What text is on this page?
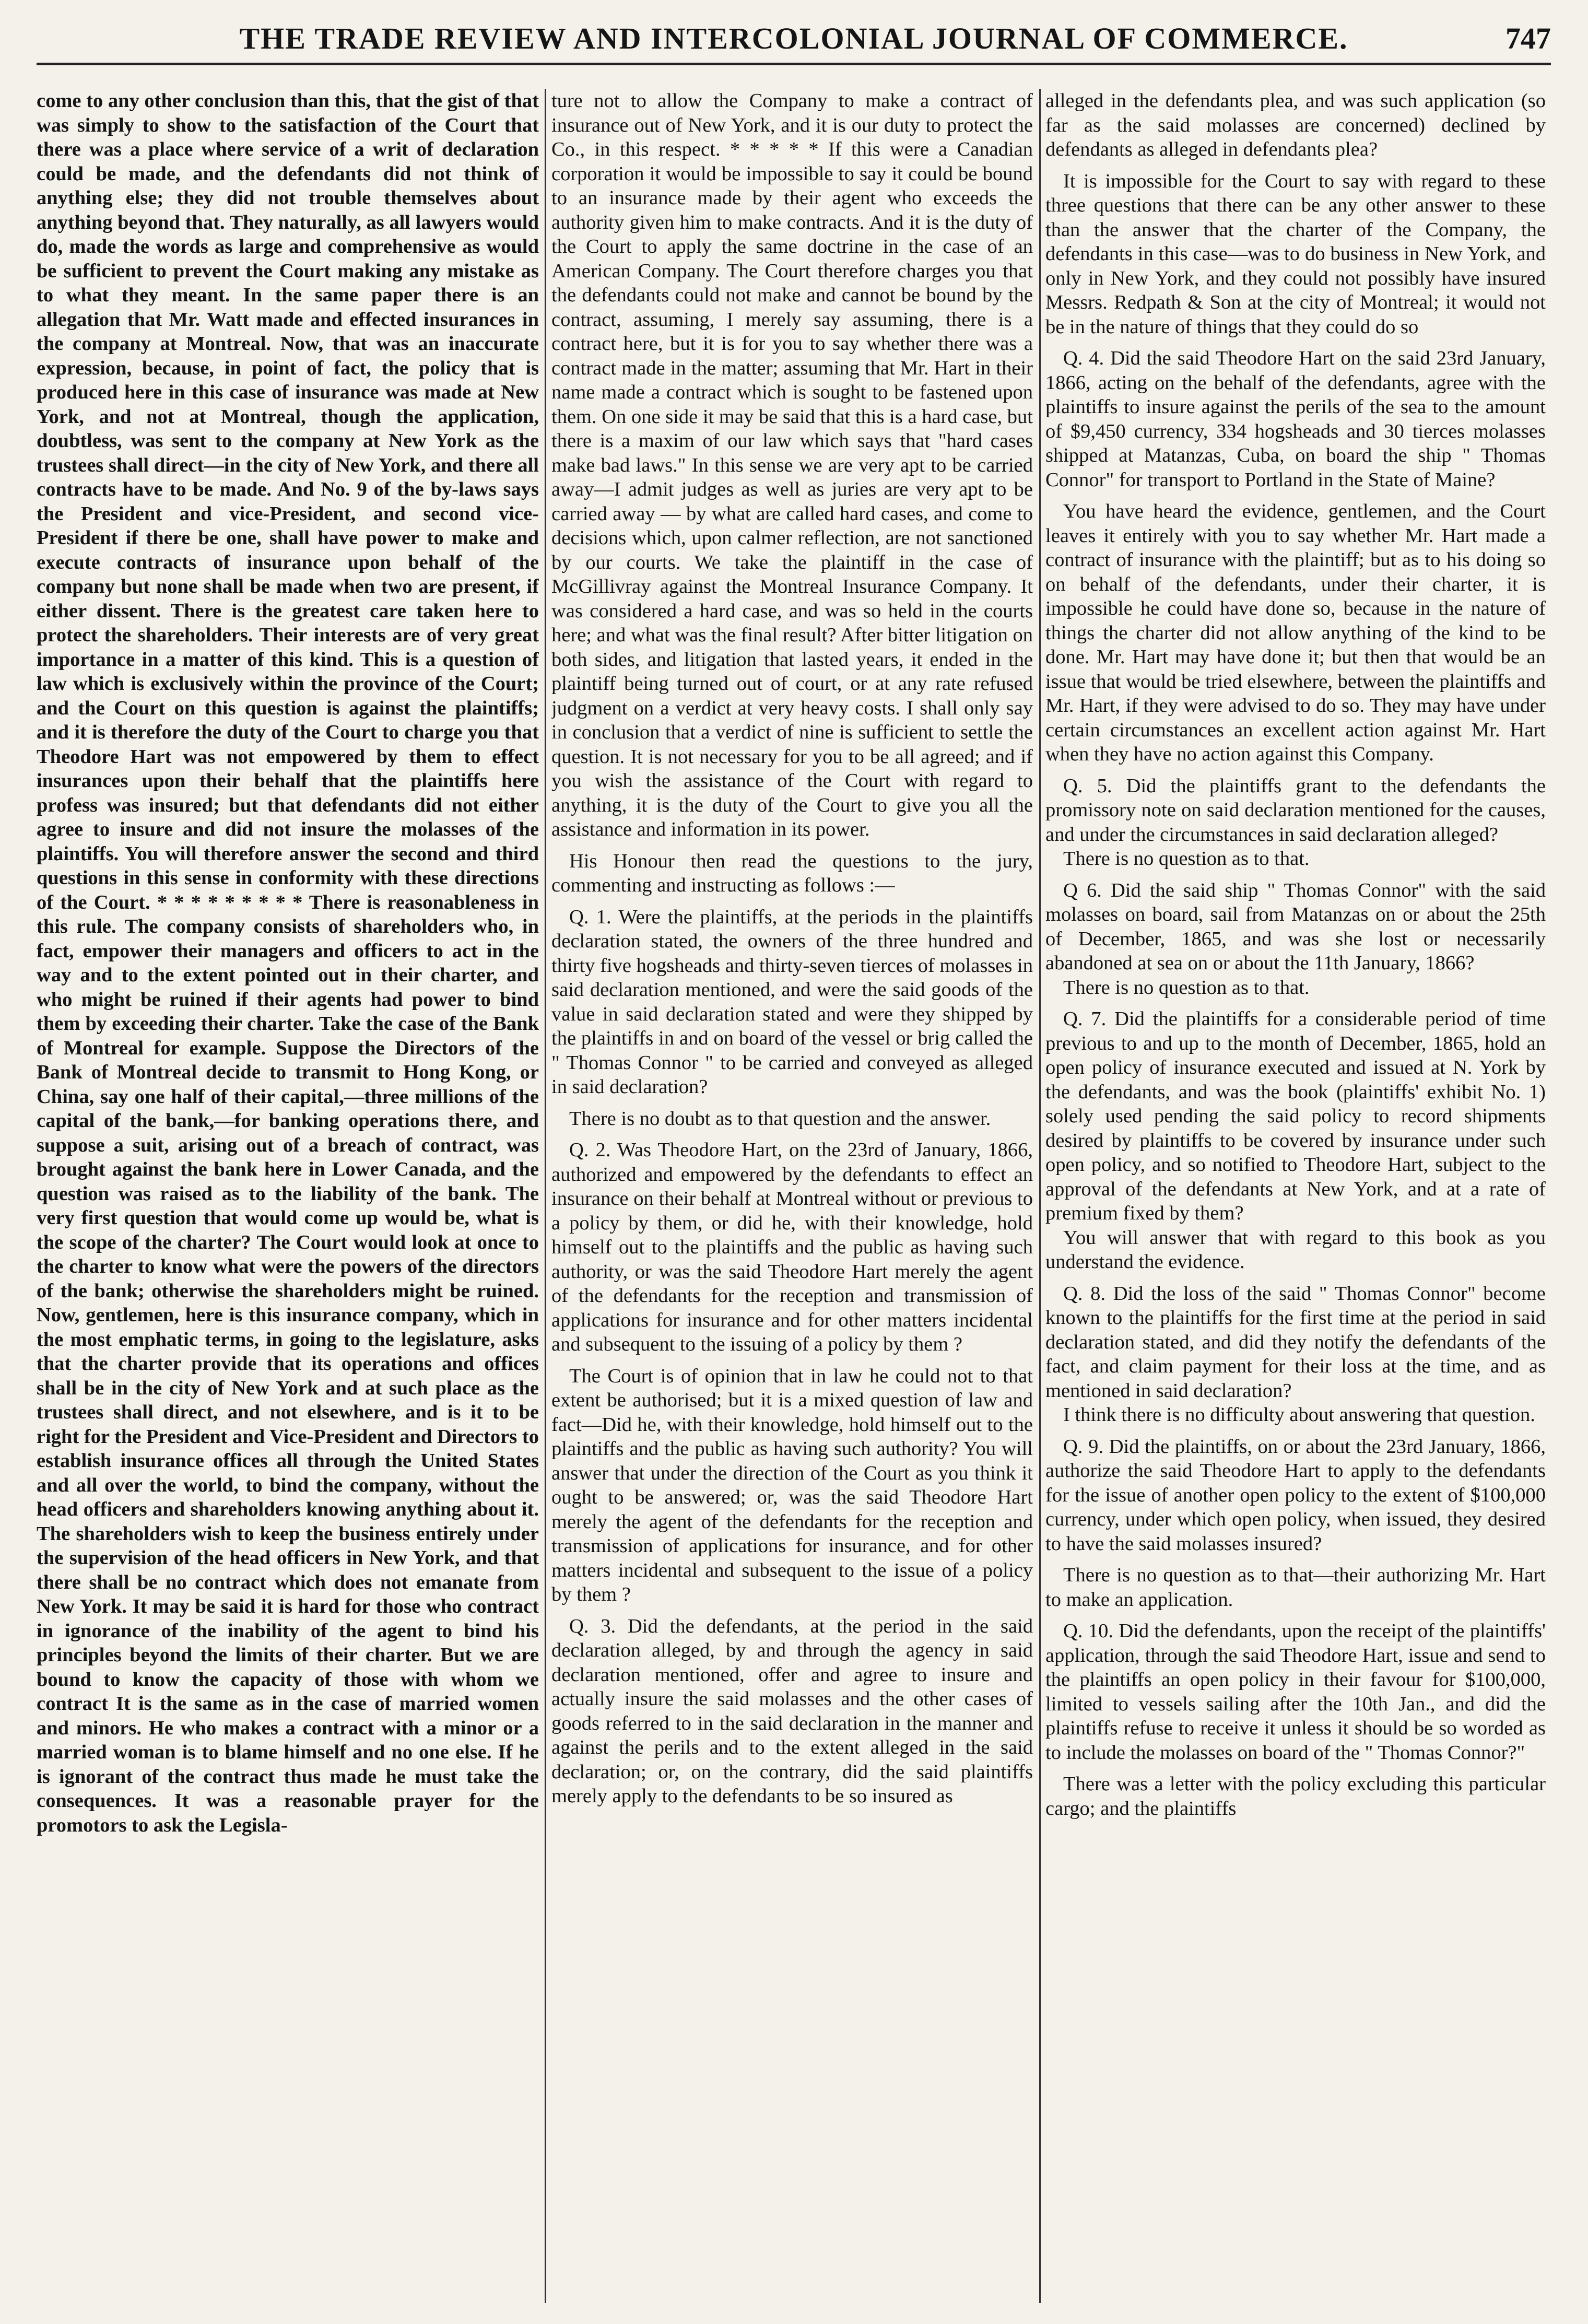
THE TRADE REVIEW AND INTERCOLONIAL JOURNAL OF COMMERCE.	747

come to any other conclusion than this, that the gist of that was simply to show to the satisfaction of the Court that there was a place where service of a writ of declaration could be made, and the defendants did not think of anything else; they did not trouble themselves about anything beyond that. They naturally, as all lawyers would do, made the words as large and comprehensive as would be sufficient to prevent the Court making any mistake as to what they meant. In the same paper there is an allegation that Mr. Watt made and effected insurances in the company at Montreal. Now, that was an inaccurate expression, because, in point of fact, the policy that is produced here in this case of insurance was made at New York, and not at Montreal, though the application, doubtless, was sent to the company at New York as the trustees shall direct—in the city of New York, and there all contracts have to be made. And No. 9 of the by-laws says the President and vice-President, and second vice-President if there be one, shall have power to make and execute contracts of insurance upon behalf of the company but none shall be made when two are present, if either dissent. There is the greatest care taken here to protect the shareholders. Their interests are of very great importance in a matter of this kind. This is a question of law which is exclusively within the province of the Court; and the Court on this question is against the plaintiffs; and it is therefore the duty of the Court to charge you that Theodore Hart was not empowered by them to effect insurances upon their behalf that the plaintiffs here profess was insured; but that defendants did not either agree to insure and did not insure the molasses of the plaintiffs. You will therefore answer the second and third questions in this sense in conformity with these directions of the Court. * * * * * * * * * There is reasonableness in this rule. The company consists of shareholders who, in fact, empower their managers and officers to act in the way and to the extent pointed out in their charter, and who might be ruined if their agents had power to bind them by exceeding their charter. Take the case of the Bank of Montreal for example. Suppose the Directors of the Bank of Montreal decide to transmit to Hong Kong, or China, say one half of their capital,—three millions of the capital of the bank,—for banking operations there, and suppose a suit, arising out of a breach of contract, was brought against the bank here in Lower Canada, and the question was raised as to the liability of the bank. The very first question that would come up would be, what is the scope of the charter? The Court would look at once to the charter to know what were the powers of the directors of the bank; otherwise the shareholders might be ruined. Now, gentlemen, here is this insurance company, which in the most emphatic terms, in going to the legislature, asks that the charter provide that its operations and offices shall be in the city of New York and at such place as the trustees shall direct, and not elsewhere, and is it to be right for the President and Vice-President and Directors to establish insurance offices all through the United States and all over the world, to bind the company, without the head officers and shareholders knowing anything about it. The shareholders wish to keep the business entirely under the supervision of the head officers in New York, and that there shall be no contract which does not emanate from New York. It may be said it is hard for those who contract in ignorance of the inability of the agent to bind his principles beyond the limits of their charter. But we are bound to know the capacity of those with whom we contract It is the same as in the case of married women and minors. He who makes a contract with a minor or a married woman is to blame himself and no one else. If he is ignorant of the contract thus made he must take the consequences. It was a reasonable prayer for the promotors to ask the Legisla-

ture not to allow the Company to make a contract of insurance out of New York, and it is our duty to protect the Co., in this respect. * * * * * If this were a Canadian corporation it would be impossible to say it could be bound to an insurance made by their agent who exceeds the authority given him to make contracts. And it is the duty of the Court to apply the same doctrine in the case of an American Company. The Court therefore charges you that the defendants could not make and cannot be bound by the contract, assuming, I merely say assuming, there is a contract here, but it is for you to say whether there was a contract made in the matter; assuming that Mr. Hart in their name made a contract which is sought to be fastened upon them. On one side it may be said that this is a hard case, but there is a maxim of our law which says that "hard cases make bad laws." In this sense we are very apt to be carried away—I admit judges as well as juries are very apt to be carried away — by what are called hard cases, and come to decisions which, upon calmer reflection, are not sanctioned by our courts. We take the plaintiff in the case of McGillivray against the Montreal Insurance Company. It was considered a hard case, and was so held in the courts here; and what was the final result? After bitter litigation on both sides, and litigation that lasted years, it ended in the plaintiff being turned out of court, or at any rate refused judgment on a verdict at very heavy costs. I shall only say in conclusion that a verdict of nine is sufficient to settle the question. It is not necessary for you to be all agreed; and if you wish the assistance of the Court with regard to anything, it is the duty of the Court to give you all the assistance and information in its power.

His Honour then read the questions to the jury, commenting and instructing as follows :—

Q. 1. Were the plaintiffs, at the periods in the plaintiffs declaration stated, the owners of the three hundred and thirty five hogsheads and thirty-seven tierces of molasses in said declaration mentioned, and were the said goods of the value in said declaration stated and were they shipped by the plaintiffs in and on board of the vessel or brig called the " Thomas Connor " to be carried and conveyed as alleged in said declaration?

There is no doubt as to that question and the answer.

Q. 2. Was Theodore Hart, on the 23rd of January, 1866, authorized and empowered by the defendants to effect an insurance on their behalf at Montreal without or previous to a policy by them, or did he, with their knowledge, hold himself out to the plaintiffs and the public as having such authority, or was the said Theodore Hart merely the agent of the defendants for the reception and transmission of applications for insurance and for other matters incidental and subsequent to the issuing of a policy by them ?

The Court is of opinion that in law he could not to that extent be authorised; but it is a mixed question of law and fact—Did he, with their knowledge, hold himself out to the plaintiffs and the public as having such authority? You will answer that under the direction of the Court as you think it ought to be answered; or, was the said Theodore Hart merely the agent of the defendants for the reception and transmission of applications for insurance, and for other matters incidental and subsequent to the issue of a policy by them ?

Q. 3. Did the defendants, at the period in the said declaration alleged, by and through the agency in said declaration mentioned, offer and agree to insure and actually insure the said molasses and the other cases of goods referred to in the said declaration in the manner and against the perils and to the extent alleged in the said declaration; or, on the contrary, did the said plaintiffs merely apply to the defendants to be so insured as

alleged in the defendants plea, and was such application (so far as the said molasses are concerned) declined by defendants as alleged in defendants plea?

It is impossible for the Court to say with regard to these three questions that there can be any other answer to these than the answer that the charter of the Company, the defendants in this case—was to do business in New York, and only in New York, and they could not possibly have insured Messrs. Redpath & Son at the city of Montreal; it would not be in the nature of things that they could do so

Q. 4. Did the said Theodore Hart on the said 23rd January, 1866, acting on the behalf of the defendants, agree with the plaintiffs to insure against the perils of the sea to the amount of $9,450 currency, 334 hogsheads and 30 tierces molasses shipped at Matanzas, Cuba, on board the ship " Thomas Connor" for transport to Portland in the State of Maine?

You have heard the evidence, gentlemen, and the Court leaves it entirely with you to say whether Mr. Hart made a contract of insurance with the plaintiff; but as to his doing so on behalf of the defendants, under their charter, it is impossible he could have done so, because in the nature of things the charter did not allow anything of the kind to be done. Mr. Hart may have done it; but then that would be an issue that would be tried elsewhere, between the plaintiffs and Mr. Hart, if they were advised to do so. They may have under certain circumstances an excellent action against Mr. Hart when they have no action against this Company.

Q. 5. Did the plaintiffs grant to the defendants the promissory note on said declaration mentioned for the causes, and under the circumstances in said declaration alleged?

There is no question as to that.

Q 6. Did the said ship " Thomas Connor" with the said molasses on board, sail from Matanzas on or about the 25th of December, 1865, and was she lost or necessarily abandoned at sea on or about the 11th January, 1866?

There is no question as to that.

Q. 7. Did the plaintiffs for a considerable period of time previous to and up to the month of December, 1865, hold an open policy of insurance executed and issued at N. York by the defendants, and was the book (plaintiffs' exhibit No. 1) solely used pending the said policy to record shipments desired by plaintiffs to be covered by insurance under such open policy, and so notified to Theodore Hart, subject to the approval of the defendants at New York, and at a rate of premium fixed by them?

You will answer that with regard to this book as you understand the evidence.

Q. 8. Did the loss of the said " Thomas Connor" become known to the plaintiffs for the first time at the period in said declaration stated, and did they notify the defendants of the fact, and claim payment for their loss at the time, and as mentioned in said declaration?

I think there is no difficulty about answering that question.

Q. 9. Did the plaintiffs, on or about the 23rd January, 1866, authorize the said Theodore Hart to apply to the defendants for the issue of another open policy to the extent of $100,000 currency, under which open policy, when issued, they desired to have the said molasses insured?

There is no question as to that—their authorizing Mr. Hart to make an application.

Q. 10. Did the defendants, upon the receipt of the plaintiffs' application, through the said Theodore Hart, issue and send to the plaintiffs an open policy in their favour for $100,000, limited to vessels sailing after the 10th Jan., and did the plaintiffs refuse to receive it unless it should be so worded as to include the molasses on board of the " Thomas Connor?"

There was a letter with the policy excluding this particular cargo; and the plaintiffs
